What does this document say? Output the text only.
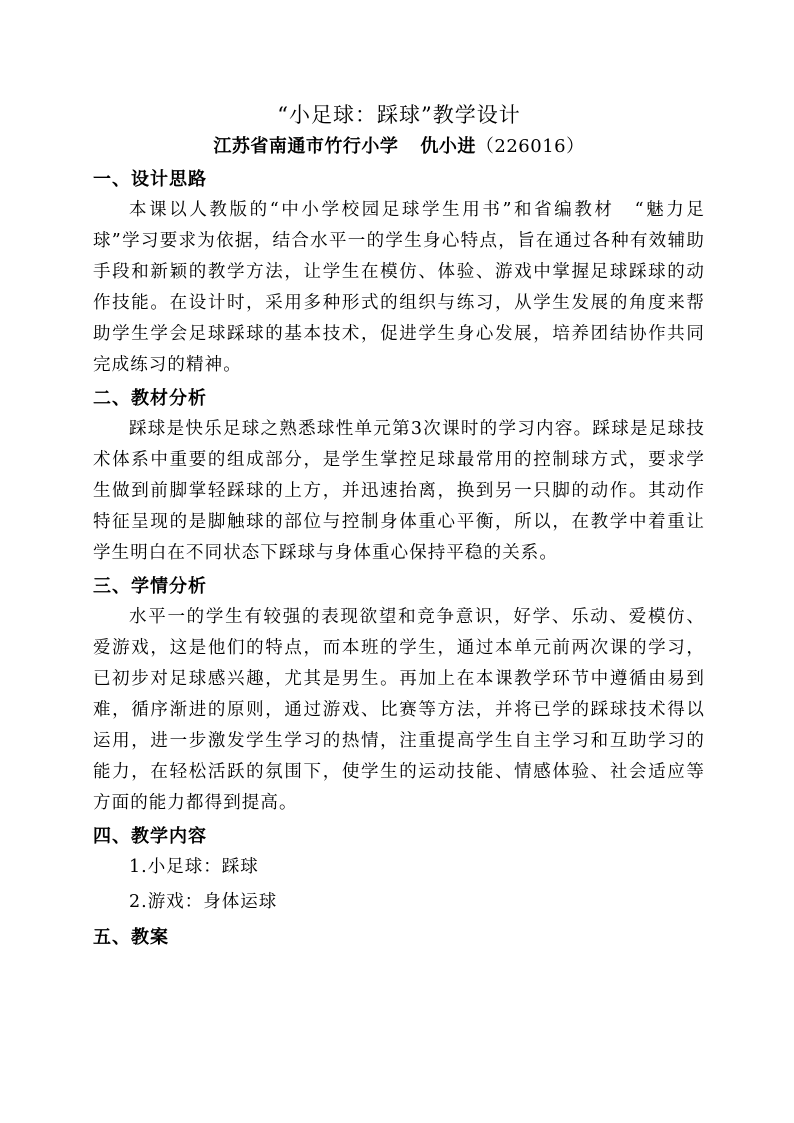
“小足球：踩球”教学设计

江苏省南通市竹行小学 仇小进（226016）

一、设计思路

本课以人教版的“中小学校园足球学生用书”和省编教材　“魅力足球”学习要求为依据，结合水平一的学生身心特点，旨在通过各种有效辅助手段和新颖的教学方法，让学生在模仿、体验、游戏中掌握足球踩球的动作技能。在设计时，采用多种形式的组织与练习，从学生发展的角度来帮助学生学会足球踩球的基本技术，促进学生身心发展，培养团结协作共同完成练习的精神。

二、教材分析

踩球是快乐足球之熟悉球性单元第3次课时的学习内容。踩球是足球技术体系中重要的组成部分，是学生掌控足球最常用的控制球方式，要求学生做到前脚掌轻踩球的上方，并迅速抬离，换到另一只脚的动作。其动作特征呈现的是脚触球的部位与控制身体重心平衡，所以，在教学中着重让学生明白在不同状态下踩球与身体重心保持平稳的关系。

三、学情分析

水平一的学生有较强的表现欲望和竞争意识，好学、乐动、爱模仿、爱游戏，这是他们的特点，而本班的学生，通过本单元前两次课的学习，已初步对足球感兴趣，尤其是男生。再加上在本课教学环节中遵循由易到难，循序渐进的原则，通过游戏、比赛等方法，并将已学的踩球技术得以运用，进一步激发学生学习的热情，注重提高学生自主学习和互助学习的能力，在轻松活跃的氛围下，使学生的运动技能、情感体验、社会适应等方面的能力都得到提高。

四、教学内容

1.小足球：踩球

2.游戏：身体运球

五、教案
